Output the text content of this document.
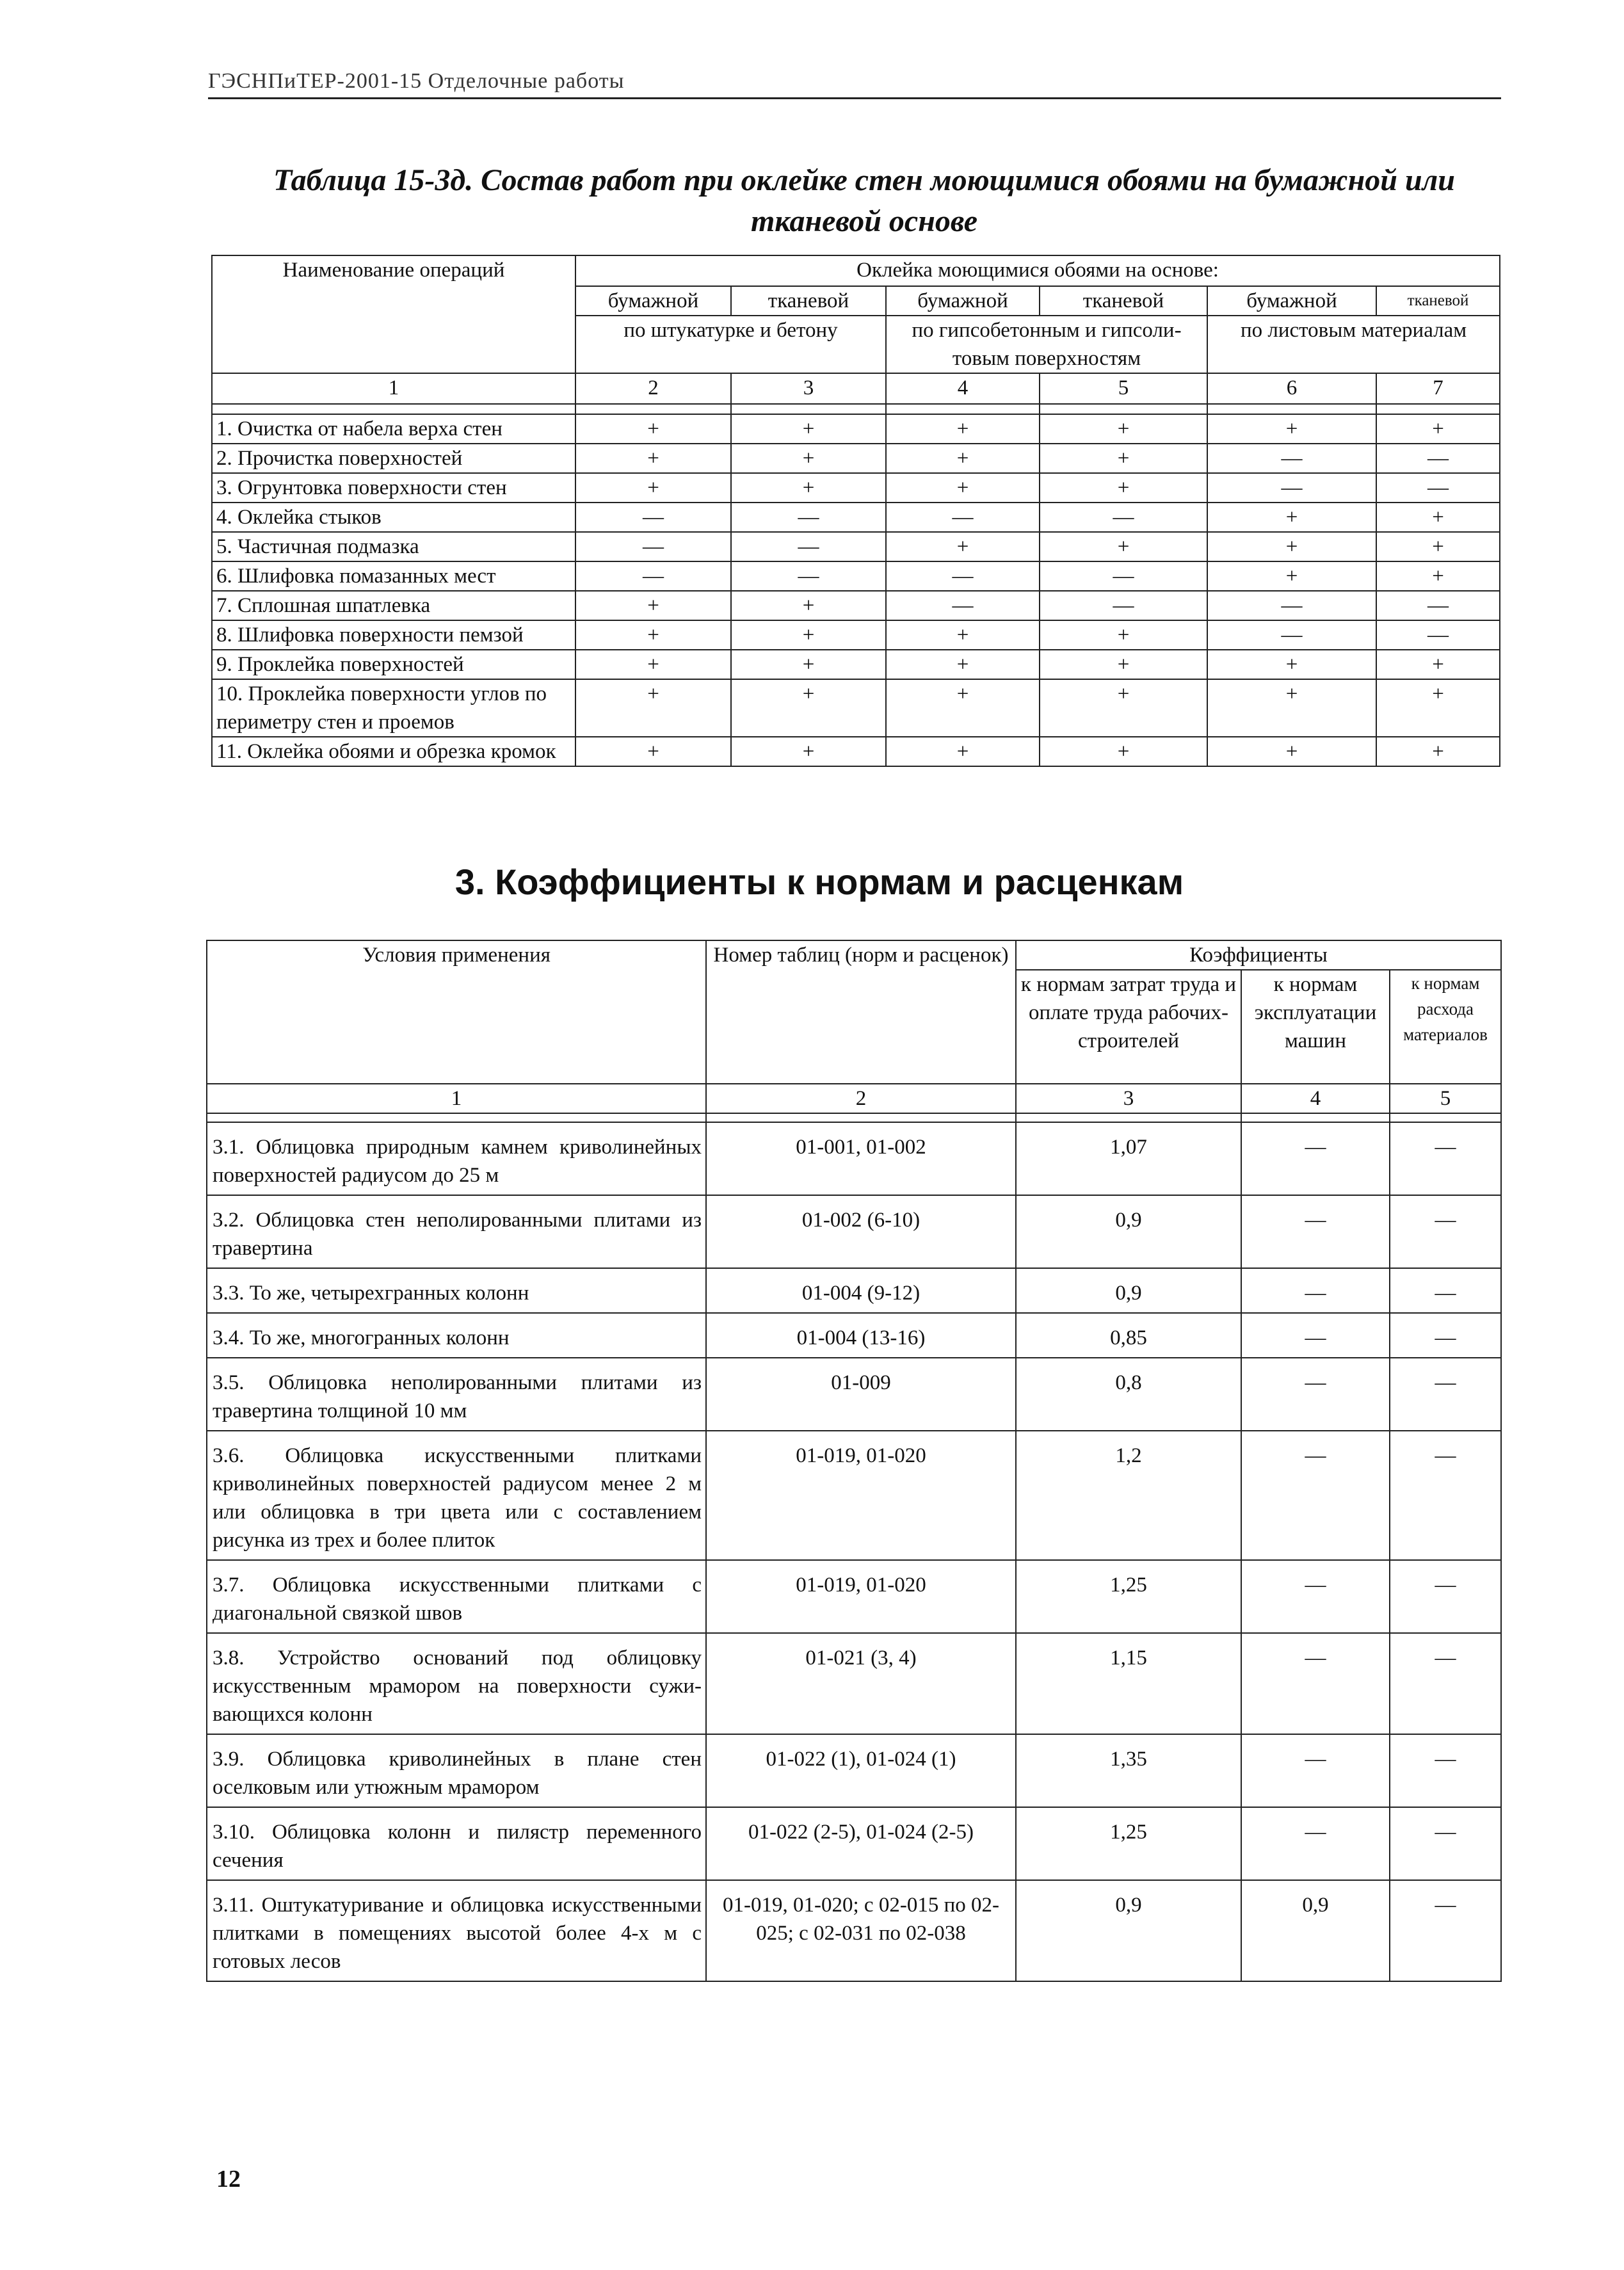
ГЭСНПиТЕР-2001-15 Отделочные работы
Таблица 15-3д. Состав работ при оклейке стен моющимися обоями на бумажной или
тканевой основе
Наименование операций	Оклейка моющимися обоями на основе:					
	бумажной	тканевой	бумажной	тканевой	бумажной	тканевой
	по штукатурке и бетону		по гипсобетонным и гипсоли-товым поверхностям		по листовым материалам	
1	2	3	4	5	6	7

1. Очистка от набела верха стен	+	+	+	+	+	+
2. Прочистка поверхностей	+	+	+	+	—	—
3. Огрунтовка поверхности стен	+	+	+	+	—	—
4. Оклейка стыков	—	—	—	—	+	+
5. Частичная подмазка	—	—	+	+	+	+
6. Шлифовка помазанных мест	—	—	—	—	+	+
7. Сплошная шпатлевка	+	+	—	—	—	—
8. Шлифовка поверхности пемзой	+	+	+	+	—	—
9. Проклейка поверхностей	+	+	+	+	+	+
10. Проклейка поверхности углов по периметру стен и проемов	+	+	+	+	+	+
11. Оклейка обоями и обрезка кромок	+	+	+	+	+	+
3. Коэффициенты к нормам и расценкам
Условия применения	Номер таблиц (норм и расценок)	Коэффициенты		
		к нормам затрат труда и оплате труда рабочих-строителей	к нормам эксплуатации машин	к нормам расхода материалов
1	2	3	4	5

3.1. Облицовка природным камнем криволинейных поверхностей радиусом до 25 м	01-001, 01-002	1,07	—	—
3.2. Облицовка стен неполированными плитами из травертина	01-002 (6-10)	0,9	—	—
3.3. То же, четырехгранных колонн	01-004 (9-12)	0,9	—	—
3.4. То же, многогранных колонн	01-004 (13-16)	0,85	—	—
3.5. Облицовка неполированными плитами из травертина толщиной 10 мм	01-009	0,8	—	—
3.6. Облицовка искусственными плитками криволинейных поверхностей радиусом менее 2 м или облицовка в три цвета или с составлением рисунка из трех и более плиток	01-019, 01-020	1,2	—	—
3.7. Облицовка искусственными плитками с диагональной связкой швов	01-019, 01-020	1,25	—	—
3.8. Устройство оснований под облицовку искусственным мрамором на поверхности сужи-вающихся колонн	01-021 (3, 4)	1,15	—	—
3.9. Облицовка криволинейных в плане стен оселковым или утюжным мрамором	01-022 (1), 01-024 (1)	1,35	—	—
3.10. Облицовка колонн и пилястр переменного сечения	01-022 (2-5), 01-024 (2-5)	1,25	—	—
3.11. Оштукатуривание и облицовка искусственными плитками в помещениях высотой более 4-х м с готовых лесов	01-019, 01-020; с 02-015 по 02-025; с 02-031 по 02-038	0,9	0,9	—
12
